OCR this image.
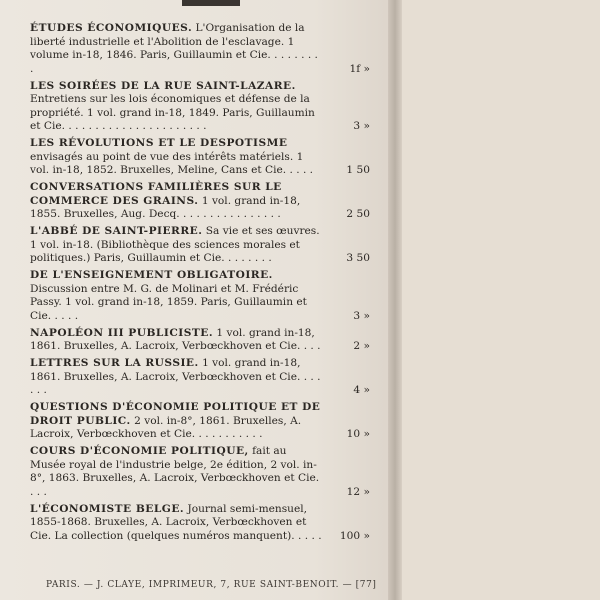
ÉTUDES ÉCONOMIQUES. L'Organisation de la liberté industrielle et l'Abolition de l'esclavage. 1 volume in-18, 1846. Paris, Guillaumin et Cie. . . . . . . . .	1f »
LES SOIRÉES DE LA RUE SAINT-LAZARE. Entretiens sur les lois économiques et défense de la propriété. 1 vol. grand in-18, 1849. Paris, Guillaumin et Cie. . . . . . . . . . . . . . . . . . . . . .	3 »
LES RÉVOLUTIONS ET LE DESPOTISME envisagés au point de vue des intérêts matériels. 1 vol. in-18, 1852. Bruxelles, Meline, Cans et Cie. . . . .	1 50
CONVERSATIONS FAMILIÈRES SUR LE COMMERCE DES GRAINS. 1 vol. grand in-18, 1855. Bruxelles, Aug. Decq. . . . . . . . . . . . . . . .	2 50
L'ABBÉ DE SAINT-PIERRE. Sa vie et ses œuvres. 1 vol. in-18. (Bibliothèque des sciences morales et politiques.) Paris, Guillaumin et Cie. . . . . . . .	3 50
DE L'ENSEIGNEMENT OBLIGATOIRE. Discussion entre M. G. de Molinari et M. Frédéric Passy. 1 vol. grand in-18, 1859. Paris, Guillaumin et Cie. . . . .	3 »
NAPOLÉON III PUBLICISTE. 1 vol. grand in-18, 1861. Bruxelles, A. Lacroix, Verbœckhoven et Cie. . . .	2 »
LETTRES SUR LA RUSSIE. 1 vol. grand in-18, 1861. Bruxelles, A. Lacroix, Verbœckhoven et Cie. . . . . . .	4 »
QUESTIONS D'ÉCONOMIE POLITIQUE ET DE DROIT PUBLIC. 2 vol. in-8°, 1861. Bruxelles, A. Lacroix, Verbœckhoven et Cie. . . . . . . . . . .	10 »
COURS D'ÉCONOMIE POLITIQUE, fait au Musée royal de l'industrie belge, 2e édition, 2 vol. in-8°, 1863. Bruxelles, A. Lacroix, Verbœckhoven et Cie. . . .	12 »
L'ÉCONOMISTE BELGE. Journal semi-mensuel, 1855-1868. Bruxelles, A. Lacroix, Verbœckhoven et Cie. La collection (quelques numéros manquent). . . . .	100 »
PARIS. — J. CLAYE, IMPRIMEUR, 7, RUE SAINT-BENOIT. — [77]
